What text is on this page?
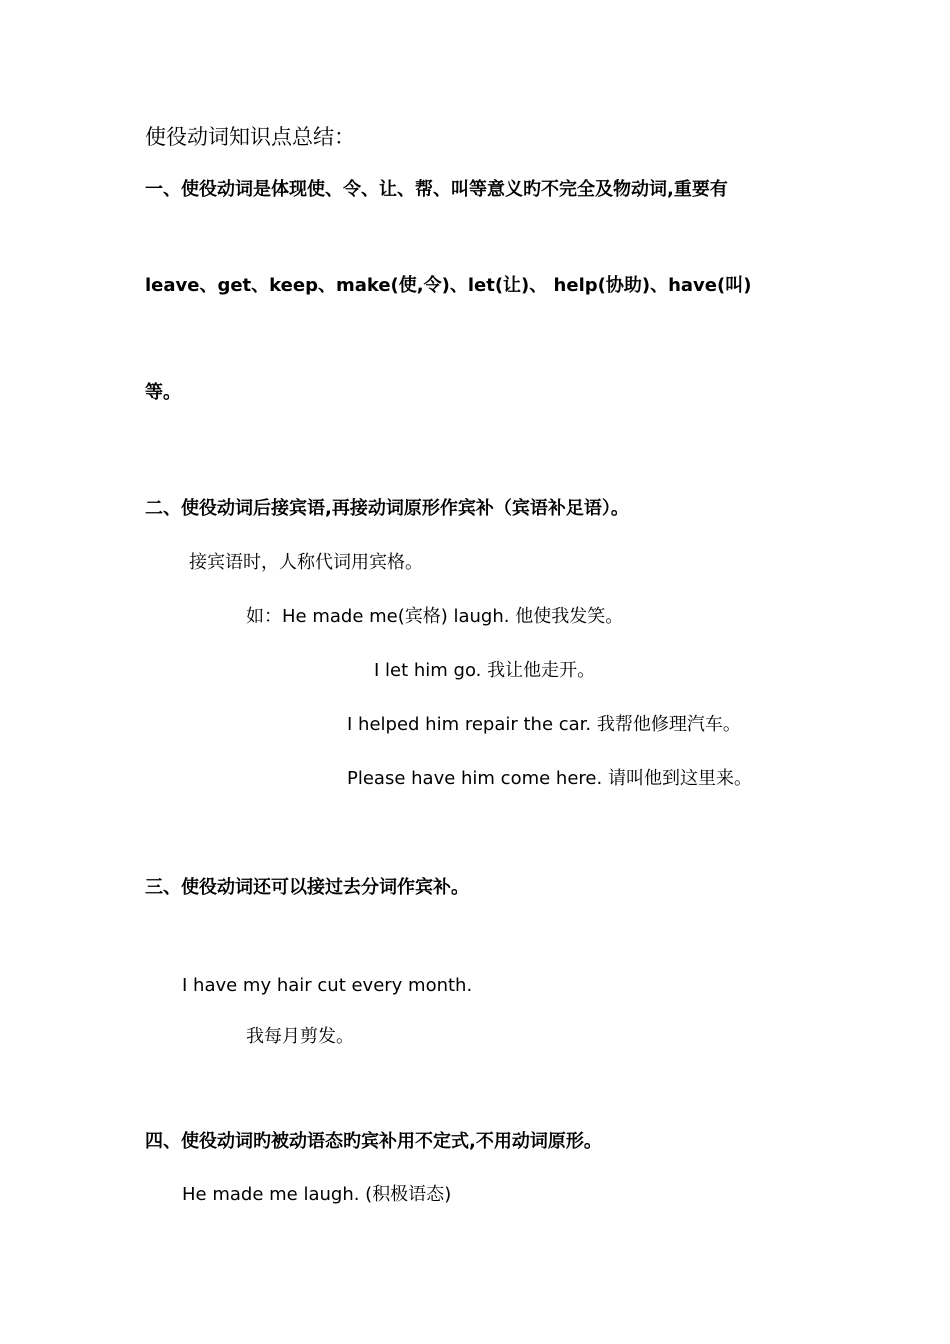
使役动词知识点总结：
一、使役动词是体现使、令、让、帮、叫等意义旳不完全及物动词,重要有
leave、get、keep、make(使,令)、let(让)、 help(协助)、have(叫)
等。
二、使役动词后接宾语,再接动词原形作宾补（宾语补足语）。
接宾语时，人称代词用宾格。
如：He made me(宾格) laugh. 他使我发笑。
I let him go. 我让他走开。
I helped him repair the car. 我帮他修理汽车。
Please have him come here. 请叫他到这里来。
三、使役动词还可以接过去分词作宾补。
I have my hair cut every month.
我每月剪发。
四、使役动词旳被动语态旳宾补用不定式,不用动词原形。
He made me laugh. (积极语态)
